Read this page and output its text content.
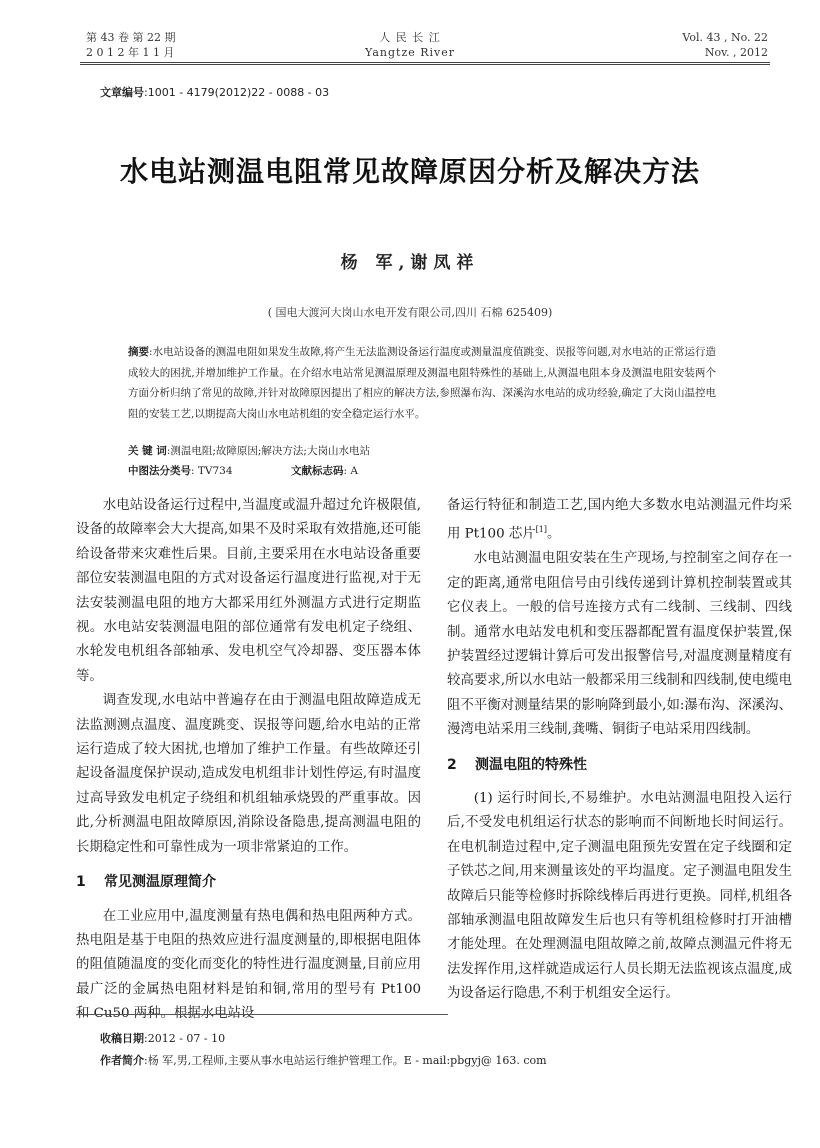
第 43 卷 第 22 期
2 0 1 2 年 1 1 月
人 民 长 江
Yangtze River
Vol. 43 , No. 22
Nov. , 2012
文章编号:1001 - 4179(2012)22 - 0088 - 03
水电站测温电阻常见故障原因分析及解决方法
杨 军,谢凤祥
( 国电大渡河大岗山水电开发有限公司,四川 石棉 625409)
摘要:水电站设备的测温电阻如果发生故障,将产生无法监测设备运行温度或测量温度值跳变、误报等问题,对水电站的正常运行造成较大的困扰,并增加维护工作量。在介绍水电站常见测温原理及测温电阻特殊性的基础上,从测温电阻本身及测温电阻安装两个方面分析归纳了常见的故障,并针对故障原因提出了相应的解决方法,参照瀑布沟、深溪沟水电站的成功经验,确定了大岗山温控电阻的安装工艺,以期提高大岗山水电站机组的安全稳定运行水平。
关 键 词:测温电阻;故障原因;解决方法;大岗山水电站
中图法分类号: TV734	文献标志码: A

水电站设备运行过程中,当温度或温升超过允许极限值,设备的故障率会大大提高,如果不及时采取有效措施,还可能给设备带来灾难性后果。目前,主要采用在水电站设备重要部位安装测温电阻的方式对设备运行温度进行监视,对于无法安装测温电阻的地方大都采用红外测温方式进行定期监视。水电站安装测温电阻的部位通常有发电机定子绕组、水轮发电机组各部轴承、发电机空气冷却器、变压器本体等。

调查发现,水电站中普遍存在由于测温电阻故障造成无法监测测点温度、温度跳变、误报等问题,给水电站的正常运行造成了较大困扰,也增加了维护工作量。有些故障还引起设备温度保护误动,造成发电机组非计划性停运,有时温度过高导致发电机定子绕组和机组轴承烧毁的严重事故。因此,分析测温电阻故障原因,消除设备隐患,提高测温电阻的长期稳定性和可靠性成为一项非常紧迫的工作。

1 常见测温原理简介

在工业应用中,温度测量有热电偶和热电阻两种方式。热电阻是基于电阻的热效应进行温度测量的,即根据电阻体的阻值随温度的变化而变化的特性进行温度测量,目前应用最广泛的金属热电阻材料是铂和铜,常用的型号有 Pt100 和 Cu50 两种。根据水电站设

备运行特征和制造工艺,国内绝大多数水电站测温元件均采用 Pt100 芯片[1]。

水电站测温电阻安装在生产现场,与控制室之间存在一定的距离,通常电阻信号由引线传递到计算机控制装置或其它仪表上。一般的信号连接方式有二线制、三线制、四线制。通常水电站发电机和变压器都配置有温度保护装置,保护装置经过逻辑计算后可发出报警信号,对温度测量精度有较高要求,所以水电站一般都采用三线制和四线制,使电缆电阻不平衡对测量结果的影响降到最小,如:瀑布沟、深溪沟、漫湾电站采用三线制,龚嘴、铜街子电站采用四线制。

2 测温电阻的特殊性

(1) 运行时间长,不易维护。水电站测温电阻投入运行后,不受发电机组运行状态的影响而不间断地长时间运行。在电机制造过程中,定子测温电阻预先安置在定子线圈和定子铁芯之间,用来测量该处的平均温度。定子测温电阻发生故障后只能等检修时拆除线棒后再进行更换。同样,机组各部轴承测温电阻故障发生后也只有等机组检修时打开油槽才能处理。在处理测温电阻故障之前,故障点测温元件将无法发挥作用,这样就造成运行人员长期无法监视该点温度,成为设备运行隐患,不利于机组安全运行。

收稿日期:2012 - 07 - 10
作者简介:杨 军,男,工程师,主要从事水电站运行维护管理工作。E - mail:pbgyj@ 163. com
